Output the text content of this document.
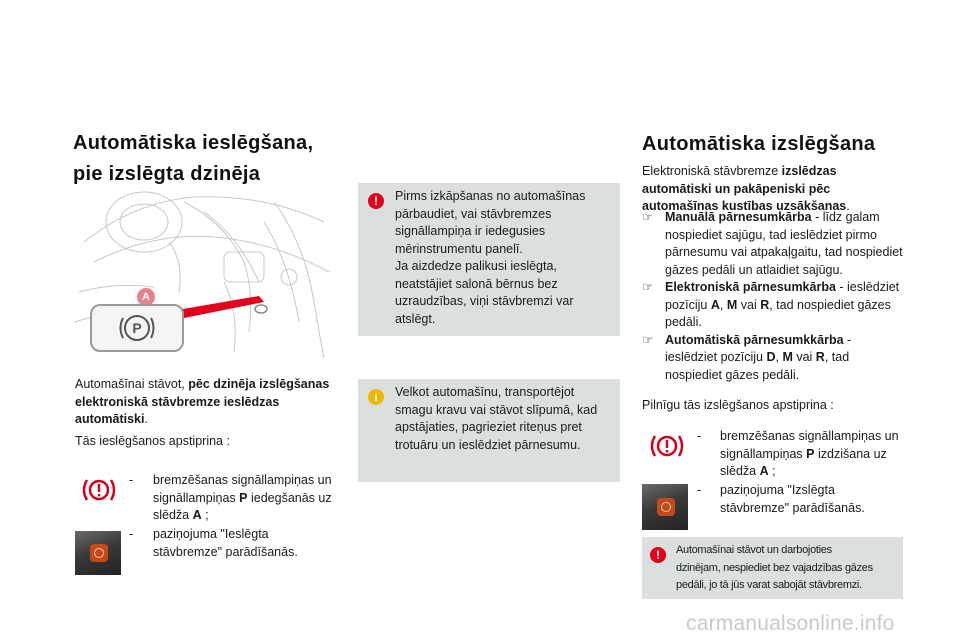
Automātiska ieslēgšana,
pie izslēgta dzinēja
A
P
Automašīnai stāvot, pēc dzinēja izslēgšanas elektroniskā stāvbremze ieslēdzas automātiski.
Tās ieslēgšanos apstiprina :
- bremzēšanas signāllampiņas un signāllampiņas P iedegšanās uz slēdža A ;
- paziņojuma "Ieslēgta stāvbremze" parādīšanās.
!	Pirms izkāpšanas no automašīnas
pārbaudiet, vai stāvbremzes
signāllampiņa ir iedegusies
mērinstrumentu panelī.
Ja aizdedze palikusi ieslēgta,
neatstājiet salonā bērnus bez
uzraudzības, viņi stāvbremzi var
atslēgt.
i	Velkot automašīnu, transportējot
smagu kravu vai stāvot slīpumā, kad
apstājaties, pagrieziet riteņus pret
trotuāru un ieslēdziet pārnesumu.
Automātiska izslēgšana
Elektroniskā stāvbremze izslēdzas automātiski un pakāpeniski pēc automašīnas kustības uzsākšanas.
☞ Manuālā pārnesumkārba - līdz galam nospiediet sajūgu, tad ieslēdziet pirmo pārnesumu vai atpakaļgaitu, tad nospiediet gāzes pedāli un atlaidiet sajūgu.
☞ Elektroniskā pārnesumkārba - ieslēdziet pozīciju A, M vai R, tad nospiediet gāzes pedāli.
☞ Automātiskā pārnesumkkārba - ieslēdziet pozīciju D, M vai R, tad nospiediet gāzes pedāli.
Pilnīgu tās izslēgšanos apstiprina :
- bremzēšanas signāllampiņas un signāllampiņas P izdzišana uz slēdža A ;
- paziņojuma "Izslēgta stāvbremze" parādīšanās.
!	Automašīnai stāvot un darbojoties
dzinējam, nespiediet bez vajadzības gāzes
pedāli, jo tā jūs varat sabojāt stāvbremzi.
carmanualsonline.info
